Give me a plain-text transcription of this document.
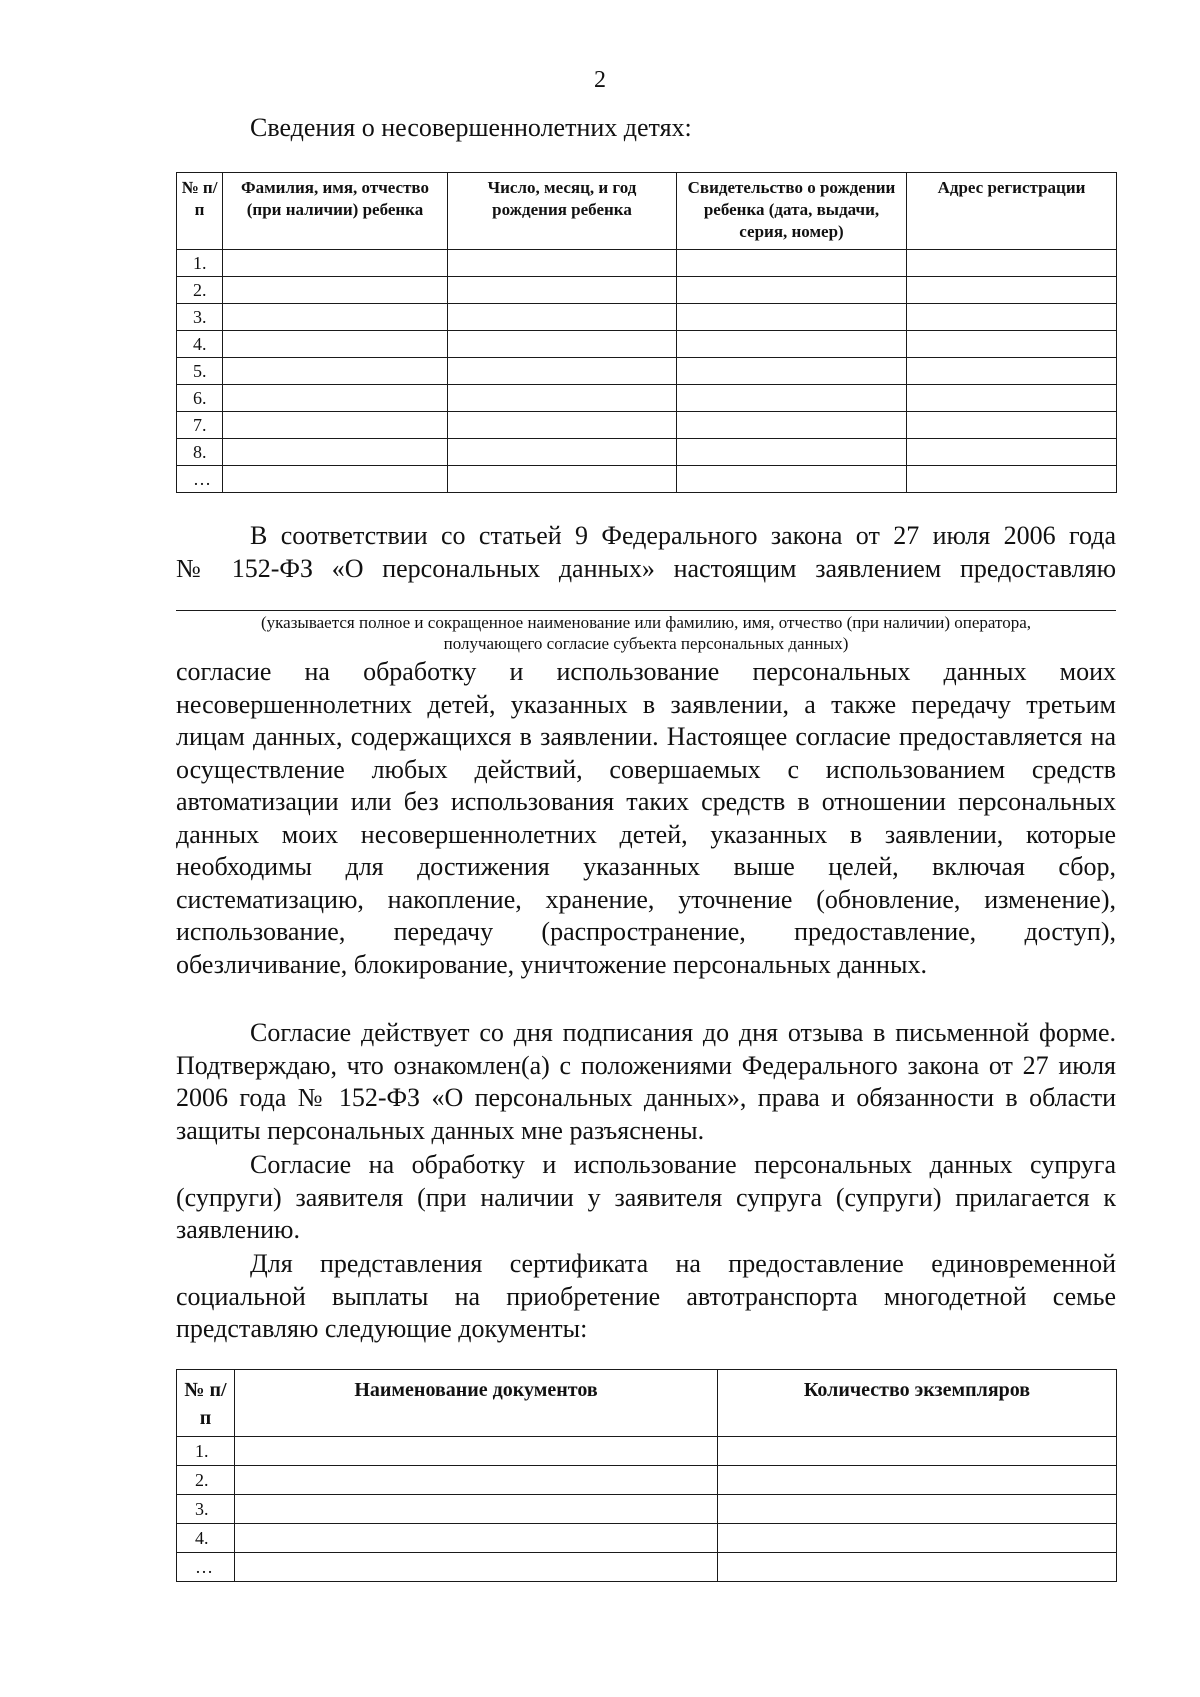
2
Сведения о несовершеннолетних детях:
№ п/п	Фамилия, имя, отчество (при наличии) ребенка	Число, месяц, и год рождения ребенка	Свидетельство о рождении ребенка (дата, выдачи, серия, номер)	Адрес регистрации
1.				
2.				
3.				
4.				
5.				
6.				
7.				
8.				
…				
В соответствии со статьей 9 Федерального закона от 27 июля 2006 года
№ 152-ФЗ «О персональных данных» настоящим заявлением предоставляю
(указывается полное и сокращенное наименование или фамилию, имя, отчество (при наличии) оператора,
получающего согласие субъекта персональных данных)
согласие на обработку и использование персональных данных моих несовершеннолетних детей, указанных в заявлении, а также передачу третьим лицам данных, содержащихся в заявлении. Настоящее согласие предоставляется на осуществление любых действий, совершаемых с использованием средств автоматизации или без использования таких средств в отношении персональных данных моих несовершеннолетних детей, указанных в заявлении, которые необходимы для достижения указанных выше целей, включая сбор, систематизацию, накопление, хранение, уточнение (обновление, изменение), использование, передачу (распространение, предоставление, доступ), обезличивание, блокирование, уничтожение персональных данных.
Согласие действует со дня подписания до дня отзыва в письменной форме. Подтверждаю, что ознакомлен(а) с положениями Федерального закона от 27 июля 2006 года № 152-ФЗ «О персональных данных», права и обязанности в области защиты персональных данных мне разъяснены.
Согласие на обработку и использование персональных данных супруга (супруги) заявителя (при наличии у заявителя супруга (супруги) прилагается к заявлению.
Для представления сертификата на предоставление единовременной социальной выплаты на приобретение автотранспорта многодетной семье представляю следующие документы:
№ п/п	Наименование документов	Количество экземпляров
1.		
2.		
3.		
4.		
…		
